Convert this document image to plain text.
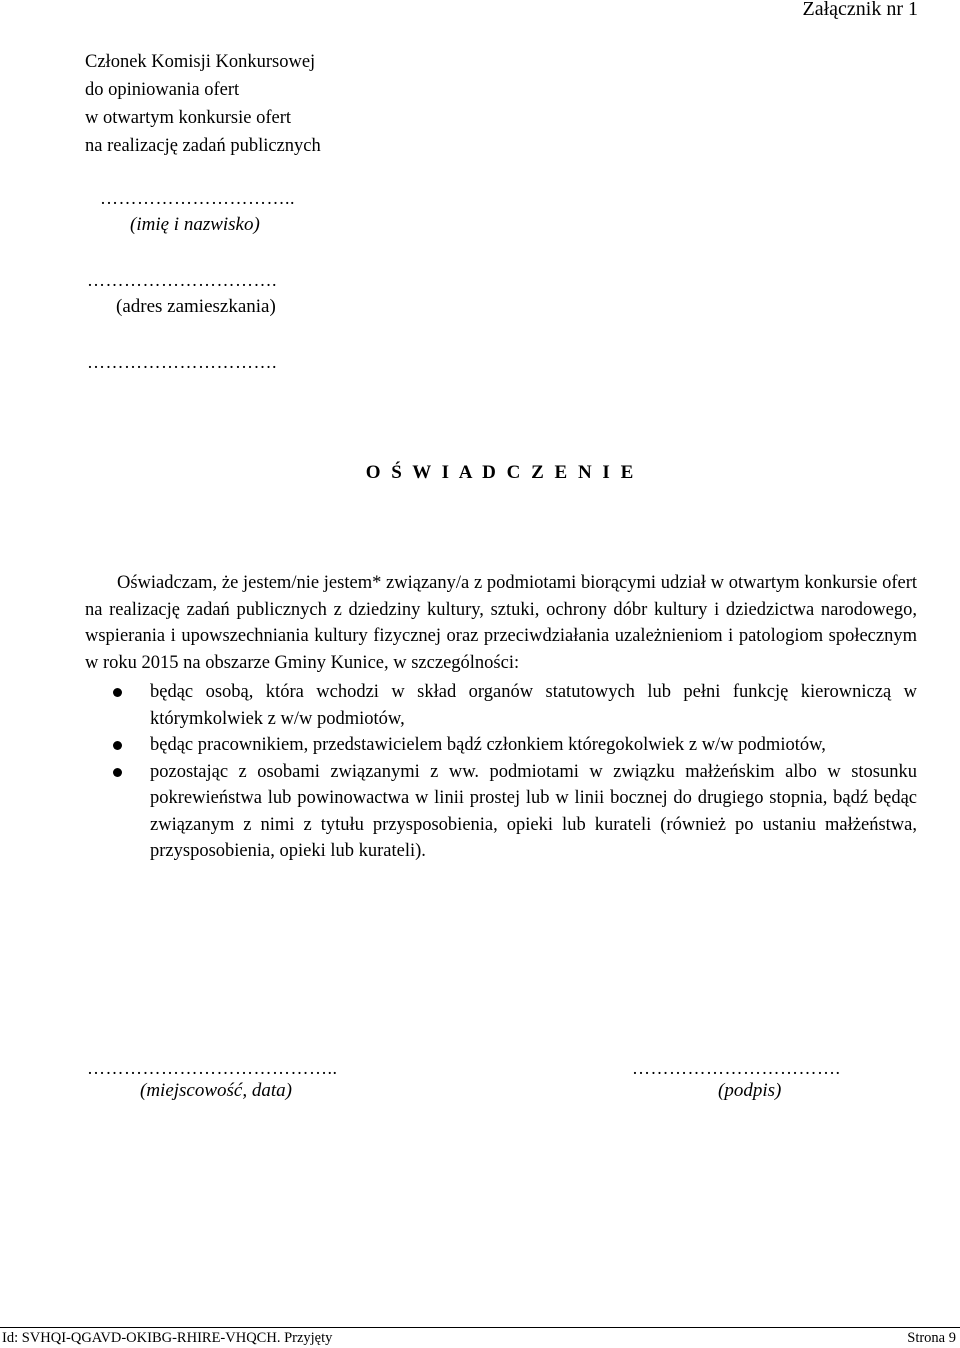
Załącznik nr 1
Członek Komisji Konkursowej
do opiniowania ofert
w otwartym konkursie ofert
na realizację zadań publicznych
…………………………..
(imię i nazwisko)
………………………….
(adres zamieszkania)
………………………….
O Ś W I A D C Z E N I E

Oświadczam, że jestem/nie jestem* związany/a z podmiotami biorącymi udział w otwartym konkursie ofert na realizację zadań publicznych z dziedziny kultury, sztuki, ochrony dóbr kultury i dziedzictwa narodowego, wspierania i upowszechniania kultury fizycznej oraz przeciwdziałania uzależnieniom i patologiom społecznym w roku 2015 na obszarze Gminy Kunice, w szczególności:

będąc osobą, która wchodzi w skład organów statutowych lub pełni funkcję kierowniczą w którymkolwiek z w/w podmiotów,
będąc pracownikiem, przedstawicielem bądź członkiem któregokolwiek z w/w podmiotów,
pozostając z osobami związanymi z ww. podmiotami w związku małżeńskim albo w stosunku pokrewieństwa lub powinowactwa w linii prostej lub w linii bocznej do drugiego stopnia, bądź będąc związanym z nimi z tytułu przysposobienia, opieki lub kurateli (również po ustaniu małżeństwa, przysposobienia, opieki lub kurateli).
…………………………………..
(miejscowość, data)
…………………………….
(podpis)
Id: SVHQI-QGAVD-OKIBG-RHIRE-VHQCH. Przyjęty	Strona 9
